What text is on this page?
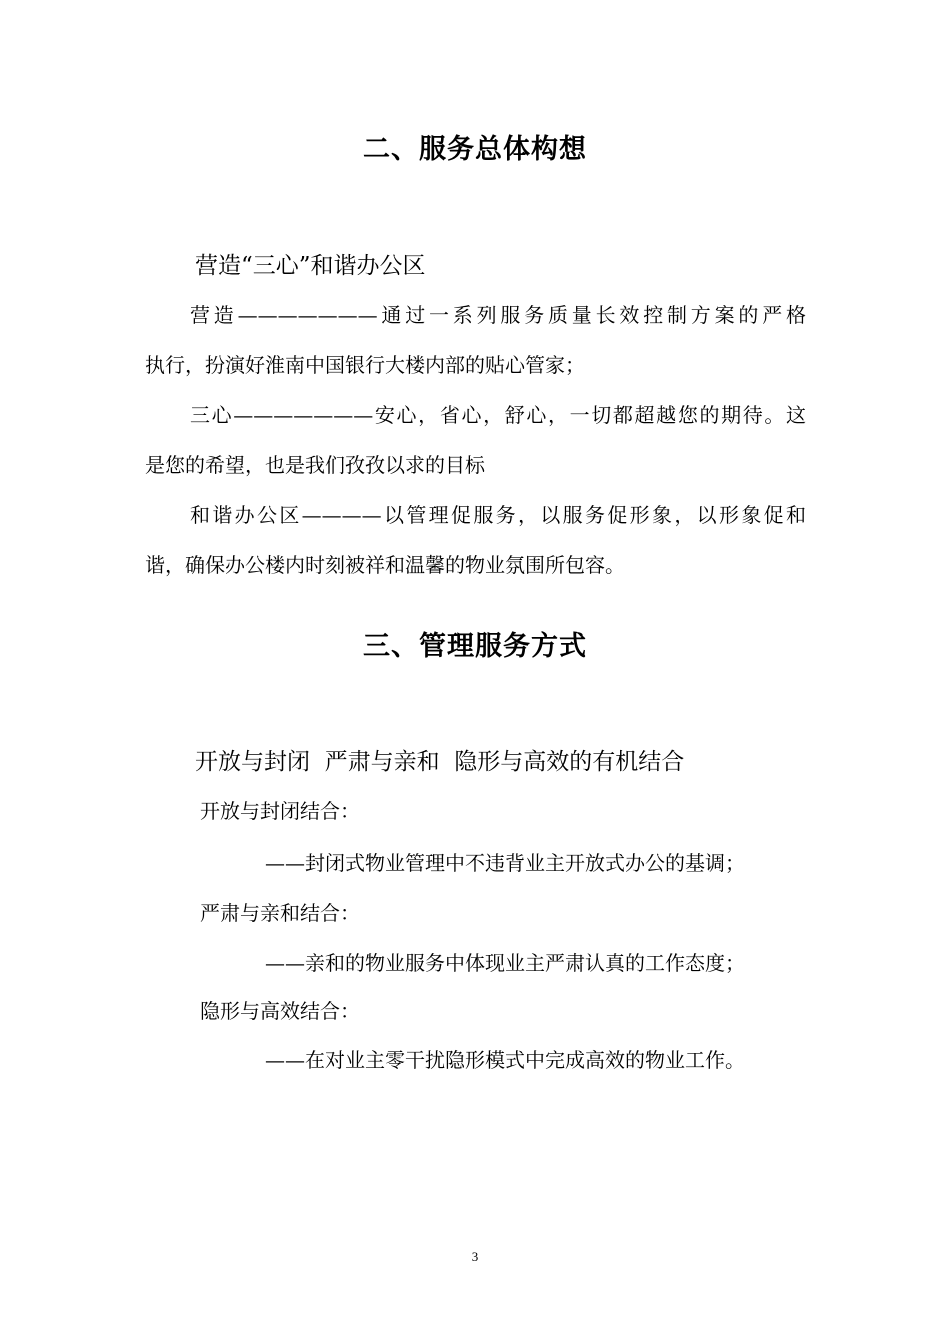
二、服务总体构想
营造“三心”和谐办公区
营造———————通过一系列服务质量长效控制方案的严格
执行，扮演好淮南中国银行大楼内部的贴心管家；
三心———————安心，省心，舒心，一切都超越您的期待。这
是您的希望，也是我们孜孜以求的目标
和谐办公区————以管理促服务，以服务促形象，以形象促和
谐，确保办公楼内时刻被祥和温馨的物业氛围所包容。
三、管理服务方式
开放与封闭  严肃与亲和  隐形与高效的有机结合
开放与封闭结合：
——封闭式物业管理中不违背业主开放式办公的基调；
严肃与亲和结合：
——亲和的物业服务中体现业主严肃认真的工作态度；
隐形与高效结合：
——在对业主零干扰隐形模式中完成高效的物业工作。
3
